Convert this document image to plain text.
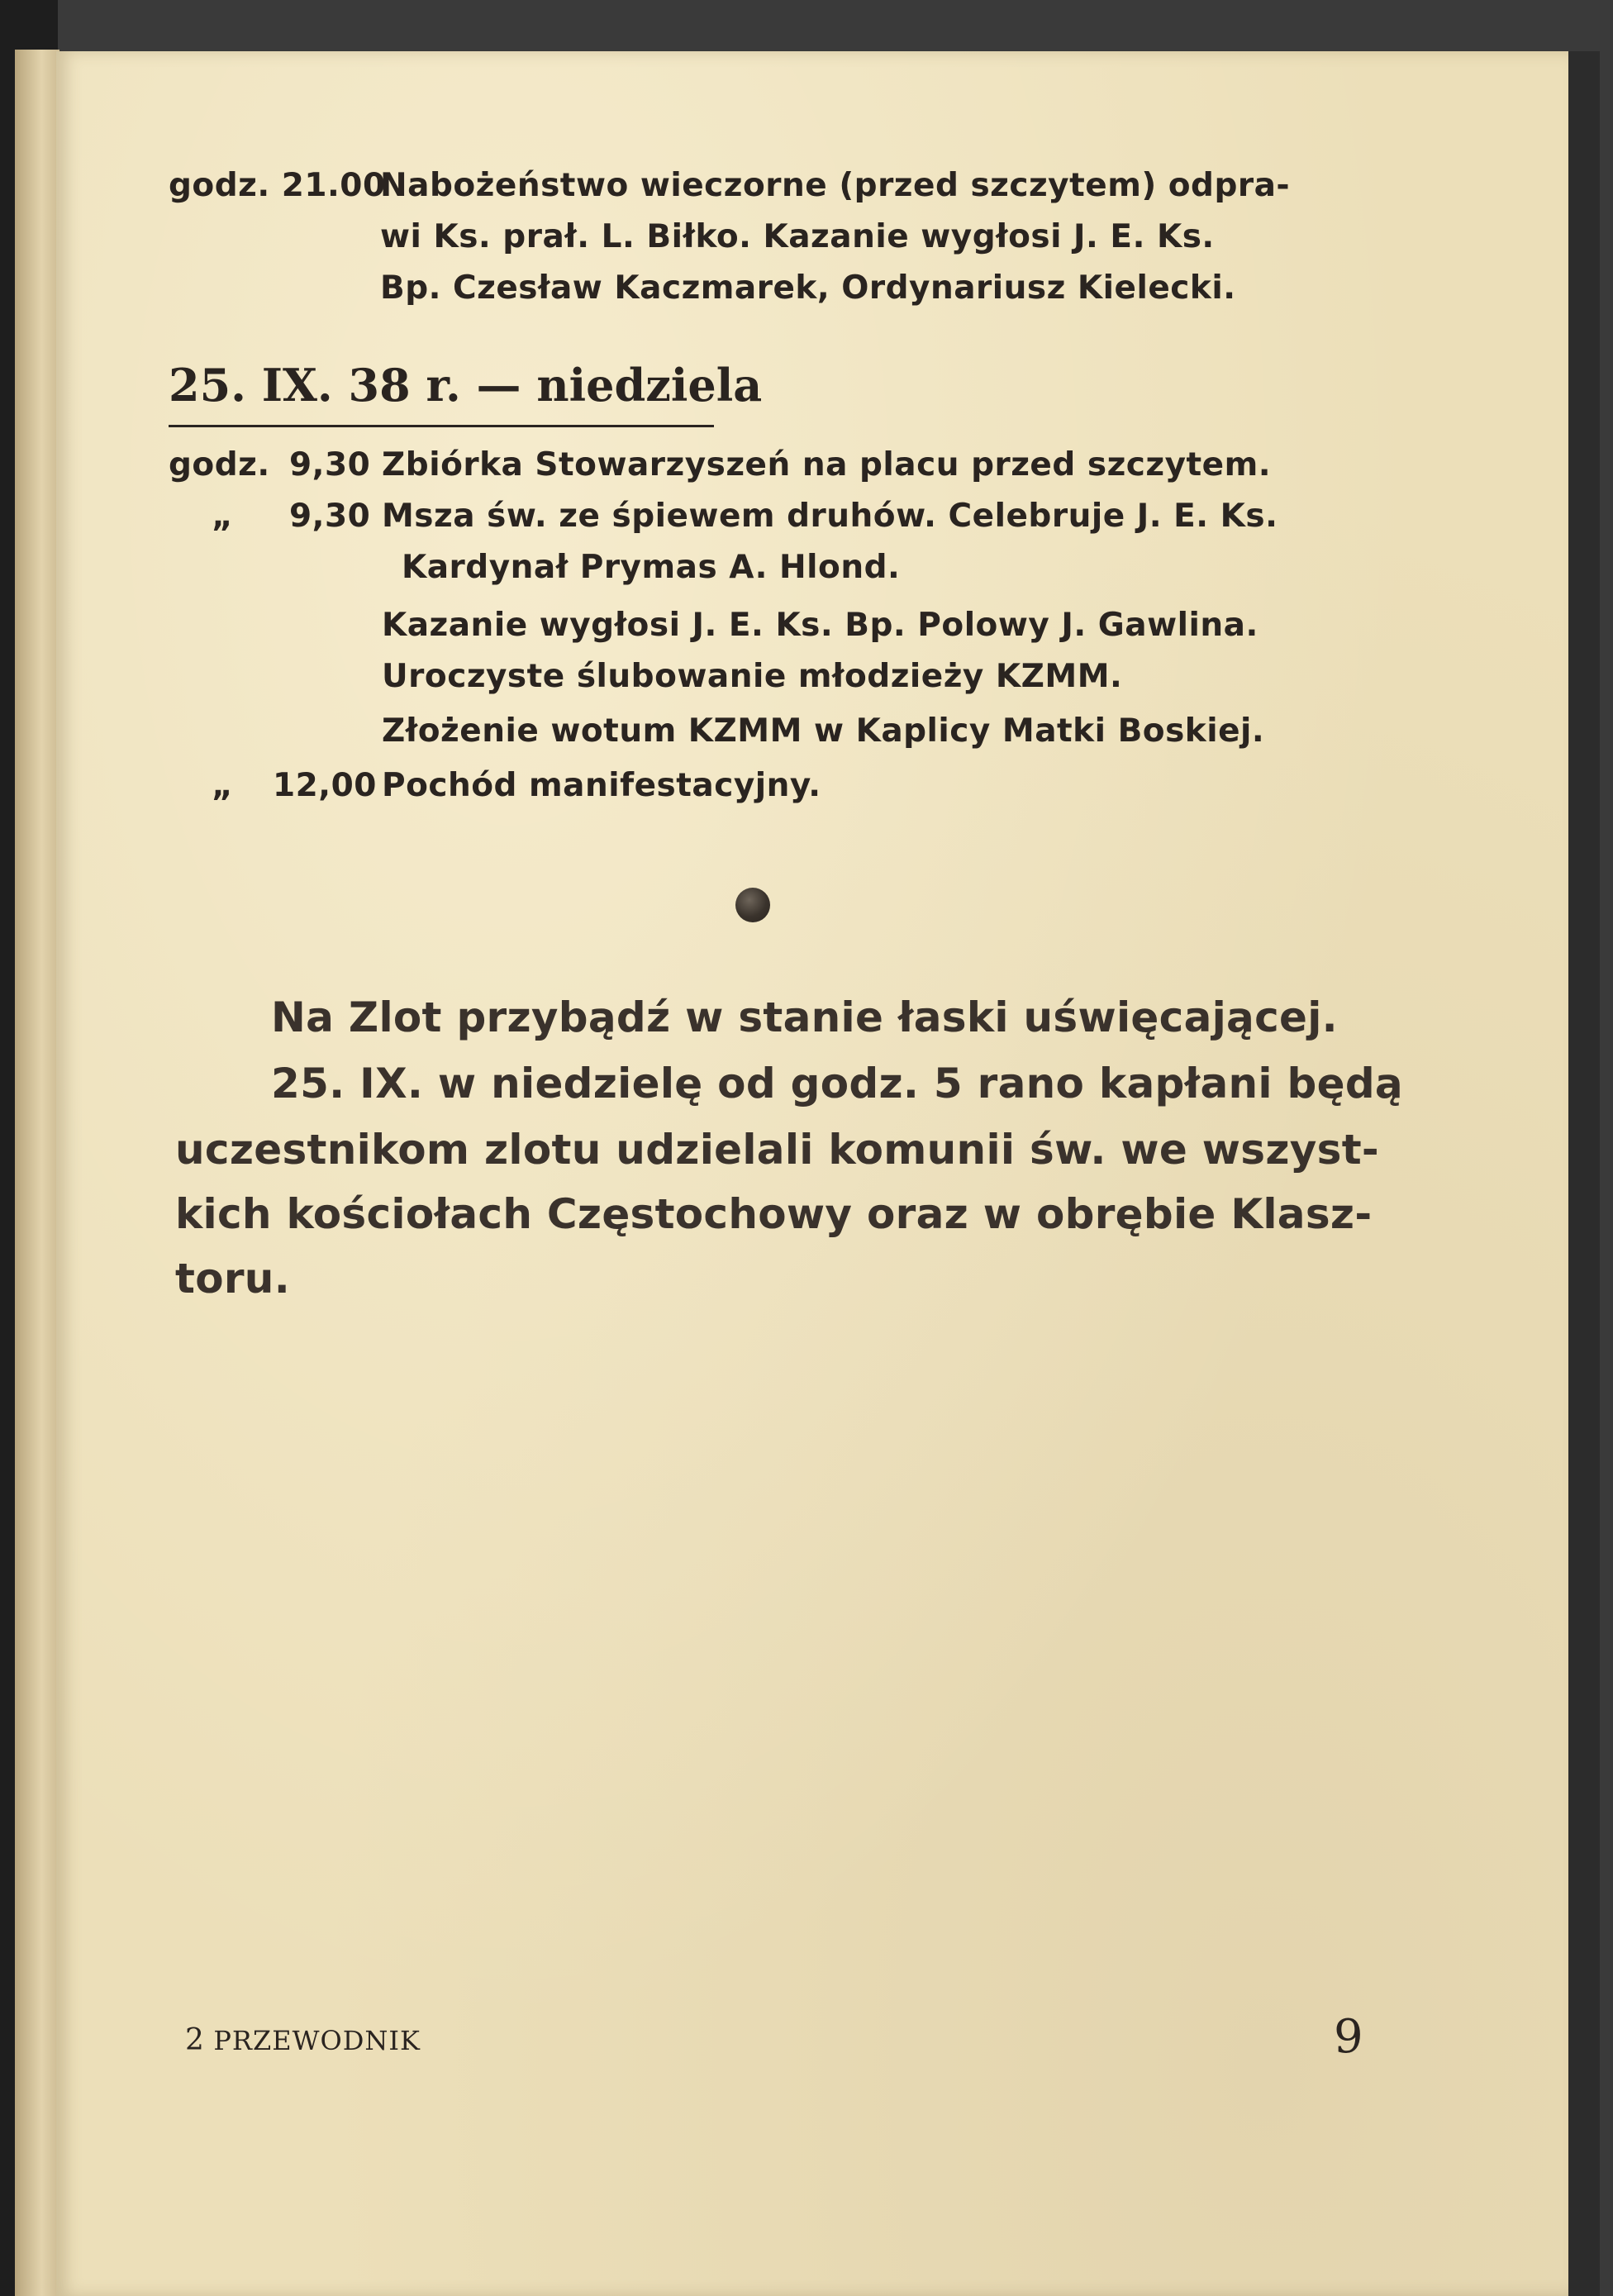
godz. 21.00
Nabożeństwo wieczorne (przed szczytem) odpra-
wi Ks. prał. L. Biłko. Kazanie wygłosi J. E. Ks.
Bp. Czesław Kaczmarek, Ordynariusz Kielecki.
25. IX. 38 r. — niedziela
godz. 9,30 Zbiórka Stowarzyszeń na placu przed szczytem.
„ 9,30 Msza św. ze śpiewem druhów. Celebruje J. E. Ks.
Kardynał Prymas A. Hlond.
Kazanie wygłosi J. E. Ks. Bp. Polowy J. Gawlina.
Uroczyste ślubowanie młodzieży KZMM.
Złożenie wotum KZMM w Kaplicy Matki Boskiej.
„ 12,00 Pochód manifestacyjny.
Na Zlot przybądź w stanie łaski uświęcającej.
25. IX. w niedzielę od godz. 5 rano kapłani będą
uczestnikom zlotu udzielali komunii św. we wszyst-
kich kościołach Częstochowy oraz w obrębie Klasz-
toru.
2 PRZEWODNIK	9
